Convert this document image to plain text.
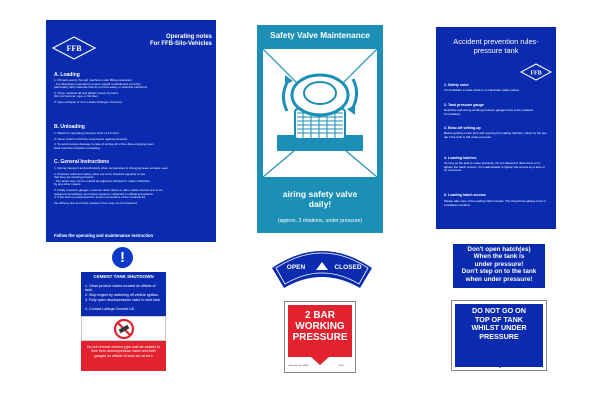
FFB
Operating notes
For FFB-Silo-Vehicles
A. Loading
1. Fill tank evenly through manhole under filling excavation.
- It is absolutely essential to ensure weight is distributed correctly,
particularly with materials that do not flow easily or chamber partitions!
2. Close manhole lid and tighten evenly by hand
(Do not hammer, pipe or the like)
3. Open exhaust or turn it aside! (Danger of freeze)
B. Unloading
1. Watch for operating pressure (max of 2.0 bar!)
2. Never switch on/off the compressor against pressure.
3. To avoid excess damage in case of spring-off or free-flow-emptying open
blast manhole lid before unloading.
C. General Instructions
1. During transport and particularly when temperature is changing leave exhaust open.
2. Pressure relief and safety valve are to be checked regularly to see
that they are working properly.
- The tanks may not be overfull de-adjusted, blocked or made ineffective
by any other means.
3. Faulty pressure gauges, pressure relief valves or other safety devices are to be
replaced immediately, and where required, subjected to official acceptance.
4. If the tank is pressurised the screw connections of the manhole lid,
the delivery line and other pressure lines may not be loosened.
Follow the operating and maintenance instruction
Safety Valve Maintenance
airing safety valve
daily!
(approx. 3 rotations, under pressure)
Accident prevention rules-
pressure tank
FFB
1. Safety valve
It is forbidden to load, block or to inactivate safety valves.
2. Tank pressure gauge
Defective and wrong working pressure gauges have to be replaced immediately.
3. Blow-off setting-up
Before getting on the tank and opening the loading hatches, check by the set-tap if the tank is still under pressure.
4. Loading hatches
As long as the tank is under pressure, it's not allowed to disconnect or to tighten the hatch screws. It is inadmissible to tighten the screws by a tube or by a hammer.
5. Loading hatch screws
Please take care of the loading hatch screws. The thread has always to be in a faultless condition.
!
CEMENT TANK SHUTDOWN
1. Close product valves located on offside of tank.
2. Stop engine by switching off vehicle ignition.
3. Fully open decompression valve to vent tank.
4. Contact Lafarge Cement UK.
Do not remove cement pipe until air ceases to flow from decompression valve and both gauges on offside of tank are at zero
OPEN	CLOSED
2 BAR
WORKING
PRESSURE
Guide Sign No. 000000	0000
Don't open hatch(es)
When the tank is
under pressure!
Don't step on to the tank
when under pressure!
DO NOT GO ON
TOP OF TANK
WHILST UNDER
PRESSURE
